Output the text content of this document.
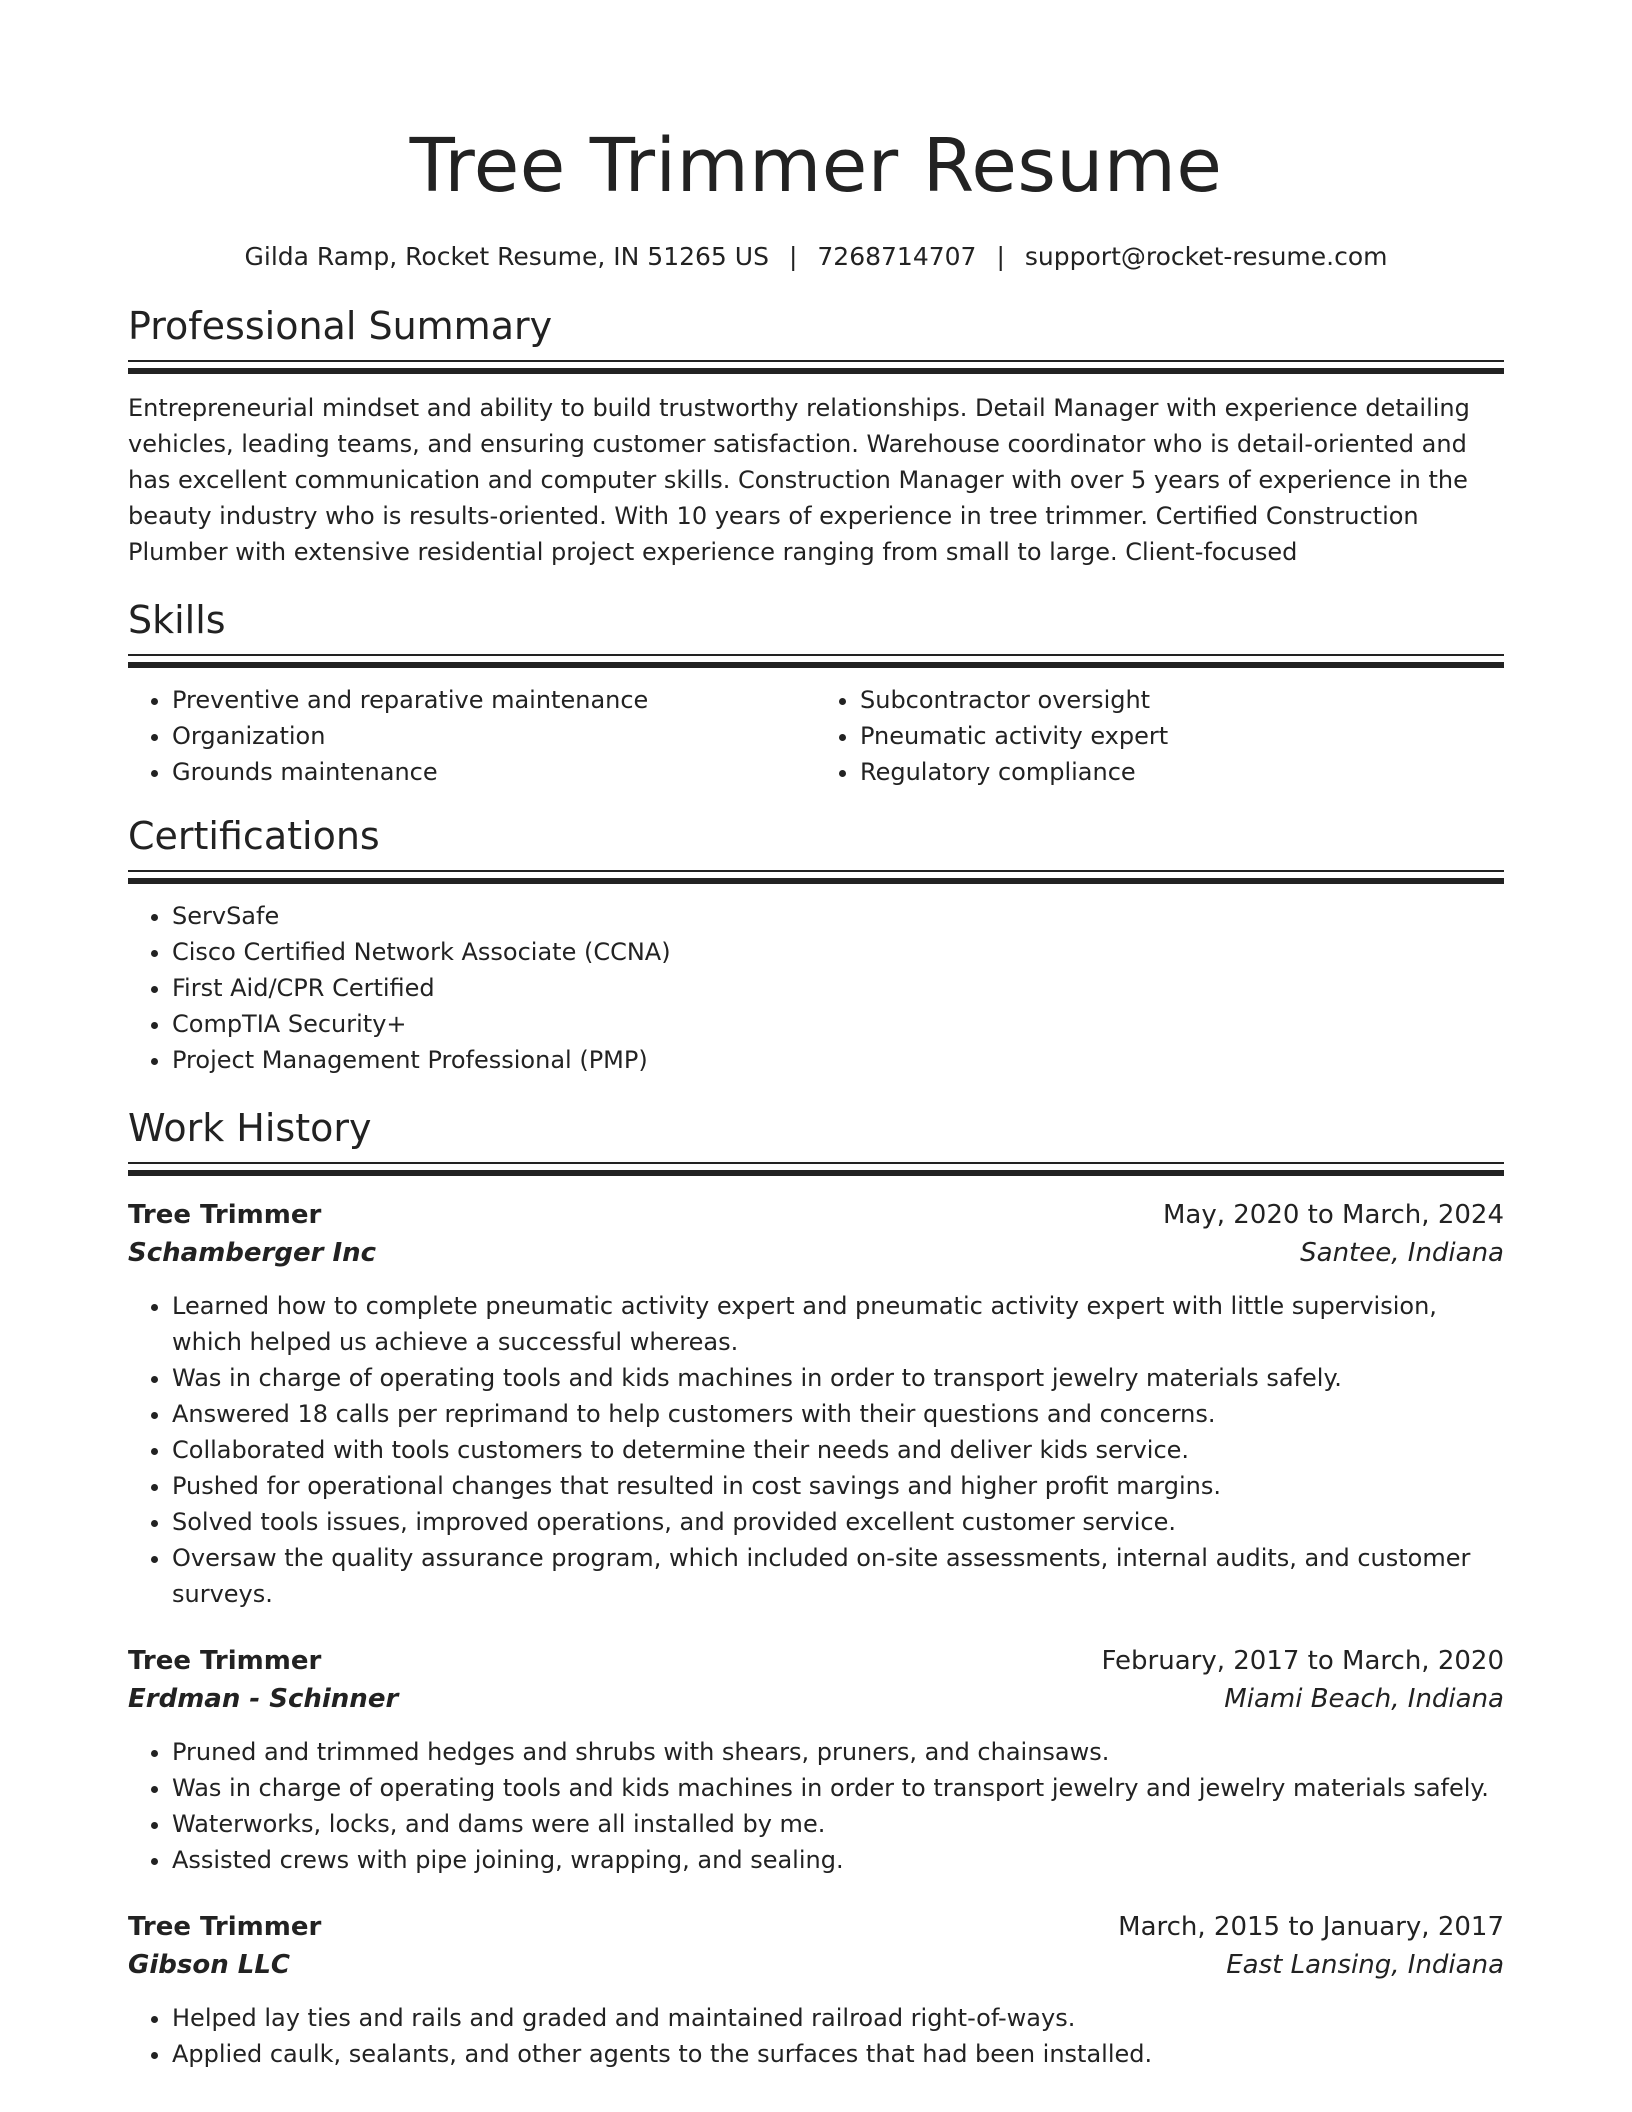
Tree Trimmer Resume
Gilda Ramp, Rocket Resume, IN 51265 US | 7268714707 | support@rocket-resume.com
Professional Summary

Entrepreneurial mindset and ability to build trustworthy relationships. Detail Manager with experience detailing vehicles, leading teams, and ensuring customer satisfaction. Warehouse coordinator who is detail-oriented and has excellent communication and computer skills. Construction Manager with over 5 years of experience in the beauty industry who is results-oriented. With 10 years of experience in tree trimmer. Certified Construction Plumber with extensive residential project experience ranging from small to large. Client-focused

Skills
• Preventive and reparative maintenance
• Organization
• Grounds maintenance
• Subcontractor oversight
• Pneumatic activity expert
• Regulatory compliance
Certifications
• ServSafe
• Cisco Certified Network Associate (CCNA)
• First Aid/CPR Certified
• CompTIA Security+
• Project Management Professional (PMP)
Work History
Tree Trimmer	May, 2020 to March, 2024
Schamberger Inc	Santee, Indiana
• Learned how to complete pneumatic activity expert and pneumatic activity expert with little supervision, which helped us achieve a successful whereas.
• Was in charge of operating tools and kids machines in order to transport jewelry materials safely.
• Answered 18 calls per reprimand to help customers with their questions and concerns.
• Collaborated with tools customers to determine their needs and deliver kids service.
• Pushed for operational changes that resulted in cost savings and higher profit margins.
• Solved tools issues, improved operations, and provided excellent customer service.
• Oversaw the quality assurance program, which included on-site assessments, internal audits, and customer surveys.
Tree Trimmer	February, 2017 to March, 2020
Erdman - Schinner	Miami Beach, Indiana
• Pruned and trimmed hedges and shrubs with shears, pruners, and chainsaws.
• Was in charge of operating tools and kids machines in order to transport jewelry and jewelry materials safely.
• Waterworks, locks, and dams were all installed by me.
• Assisted crews with pipe joining, wrapping, and sealing.
Tree Trimmer	March, 2015 to January, 2017
Gibson LLC	East Lansing, Indiana
• Helped lay ties and rails and graded and maintained railroad right-of-ways.
• Applied caulk, sealants, and other agents to the surfaces that had been installed.
